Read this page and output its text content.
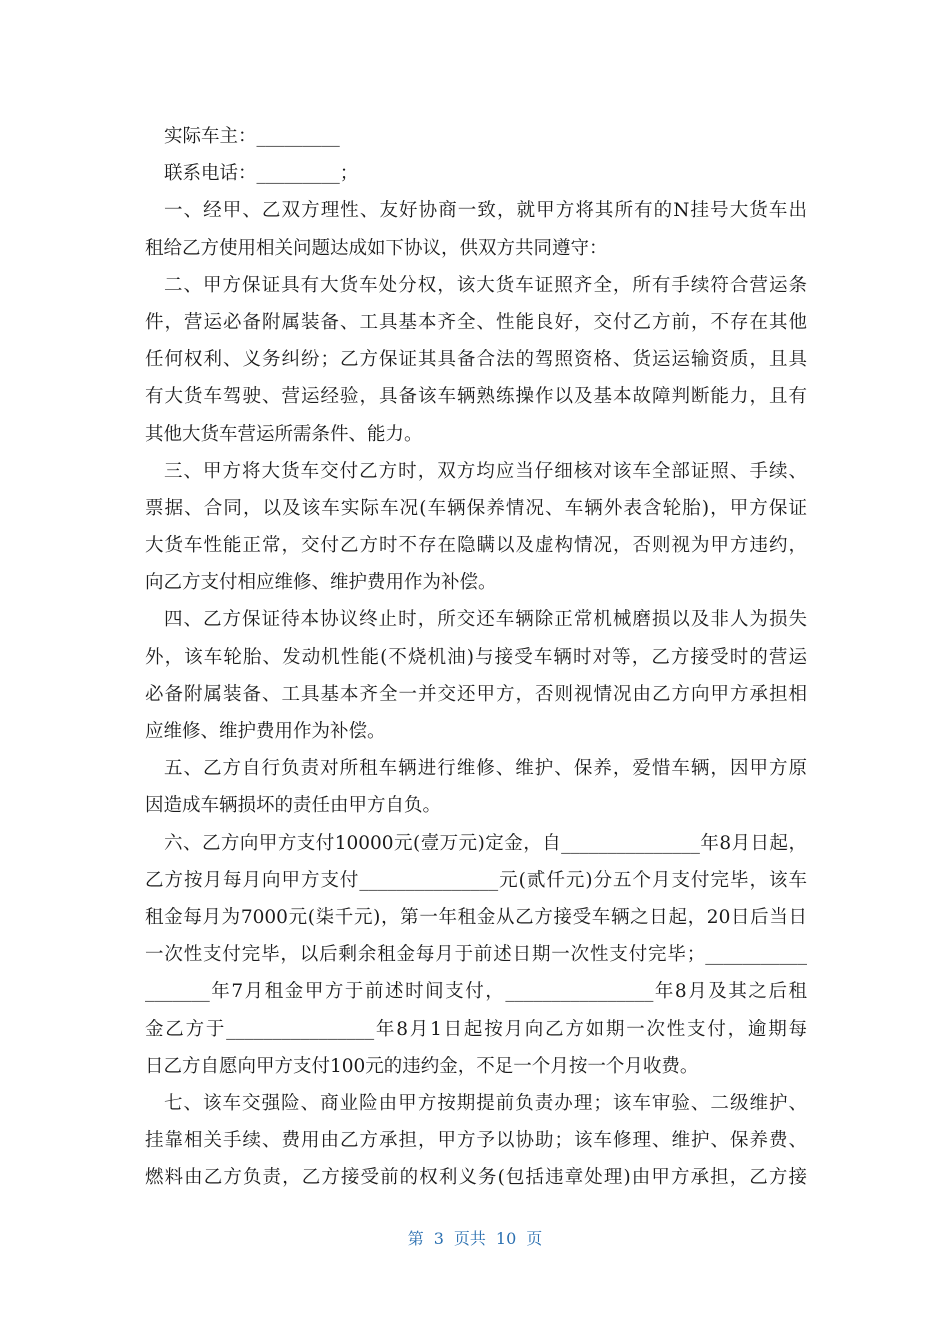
实际车主：_________
联系电话：_________；
一、经甲、乙双方理性、友好协商一致，就甲方将其所有的N挂号大货车出
租给乙方使用相关问题达成如下协议，供双方共同遵守：
二、甲方保证具有大货车处分权，该大货车证照齐全，所有手续符合营运条
件，营运必备附属装备、工具基本齐全、性能良好，交付乙方前，不存在其他
任何权利、义务纠纷；乙方保证其具备合法的驾照资格、货运运输资质，且具
有大货车驾驶、营运经验，具备该车辆熟练操作以及基本故障判断能力，且有
其他大货车营运所需条件、能力。
三、甲方将大货车交付乙方时，双方均应当仔细核对该车全部证照、手续、
票据、合同，以及该车实际车况(车辆保养情况、车辆外表含轮胎)，甲方保证
大货车性能正常，交付乙方时不存在隐瞒以及虚构情况，否则视为甲方违约，
向乙方支付相应维修、维护费用作为补偿。
四、乙方保证待本协议终止时，所交还车辆除正常机械磨损以及非人为损失
外，该车轮胎、发动机性能(不烧机油)与接受车辆时对等，乙方接受时的营运
必备附属装备、工具基本齐全一并交还甲方，否则视情况由乙方向甲方承担相
应维修、维护费用作为补偿。
五、乙方自行负责对所租车辆进行维修、维护、保养，爱惜车辆，因甲方原
因造成车辆损坏的责任由甲方自负。
六、乙方向甲方支付10000元(壹万元)定金，自_______________年8月日起，
乙方按月每月向甲方支付_______________元(贰仟元)分五个月支付完毕，该车
租金每月为7000元(柒千元)，第一年租金从乙方接受车辆之日起，20日后当日
一次性支付完毕，以后剩余租金每月于前述日期一次性支付完毕；___________
_______年7月租金甲方于前述时间支付，________________年8月及其之后租
金乙方于________________年8月1日起按月向乙方如期一次性支付，逾期每
日乙方自愿向甲方支付100元的违约金，不足一个月按一个月收费。
七、该车交强险、商业险由甲方按期提前负责办理；该车审验、二级维护、
挂靠相关手续、费用由乙方承担，甲方予以协助；该车修理、维护、保养费、
燃料由乙方负责，乙方接受前的权利义务(包括违章处理)由甲方承担，乙方接
第 3 页共 10 页
